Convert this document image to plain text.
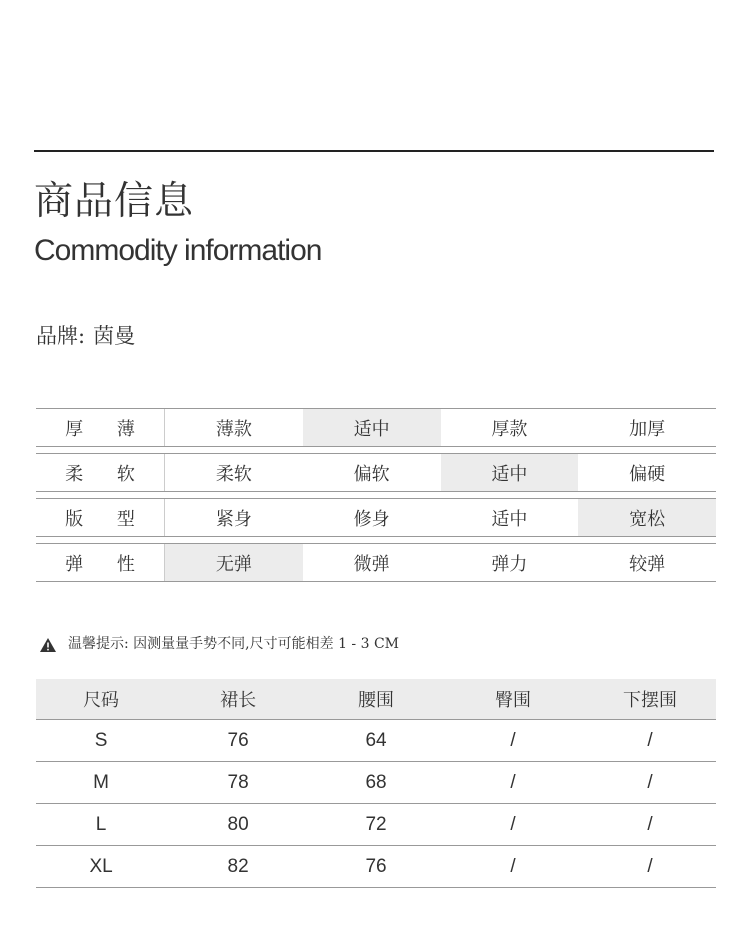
商品信息
Commodity information
品牌: 茵曼
厚 薄	薄款	适中	厚款	加厚
柔 软	柔软	偏软	适中	偏硬
版 型	紧身	修身	适中	宽松
弹 性	无弹	微弹	弹力	较弹
温馨提示: 因测量量手势不同,尺寸可能相差 1 - 3 CM
尺码	裙长	腰围	臀围	下摆围
S	76	64	/	/
M	78	68	/	/
L	80	72	/	/
XL	82	76	/	/
